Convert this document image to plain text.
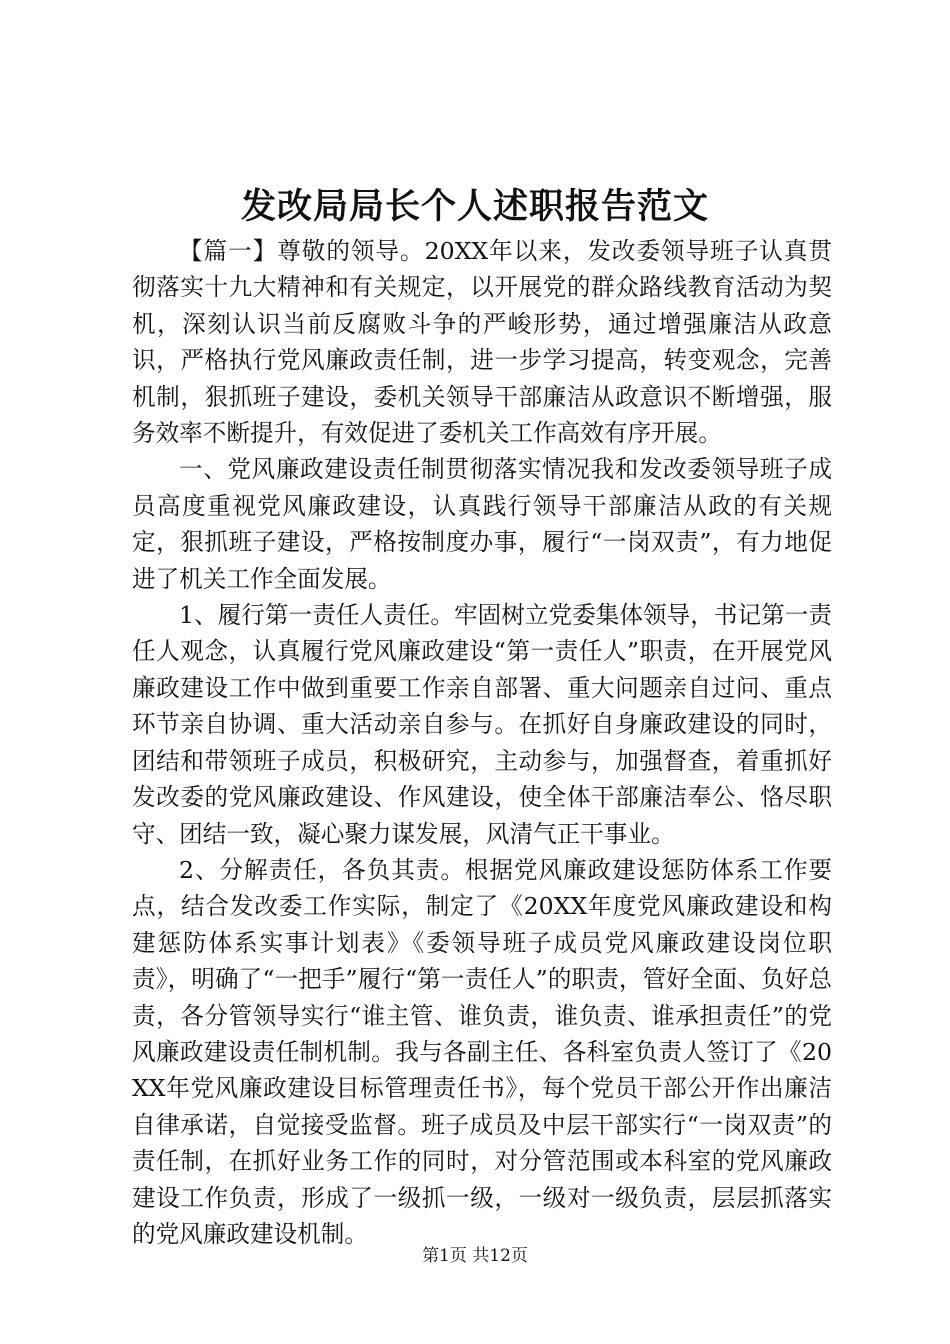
发改局局长个人述职报告范文

【篇一】尊敬的领导。20XX年以来，发改委领导班子认真贯彻落实十九大精神和有关规定，以开展党的群众路线教育活动为契机，深刻认识当前反腐败斗争的严峻形势，通过增强廉洁从政意识，严格执行党风廉政责任制，进一步学习提高，转变观念，完善机制，狠抓班子建设，委机关领导干部廉洁从政意识不断增强，服务效率不断提升，有效促进了委机关工作高效有序开展。

一、党风廉政建设责任制贯彻落实情况我和发改委领导班子成员高度重视党风廉政建设，认真践行领导干部廉洁从政的有关规定，狠抓班子建设，严格按制度办事，履行“一岗双责”，有力地促进了机关工作全面发展。

1、履行第一责任人责任。牢固树立党委集体领导，书记第一责任人观念，认真履行党风廉政建设“第一责任人”职责，在开展党风廉政建设工作中做到重要工作亲自部署、重大问题亲自过问、重点环节亲自协调、重大活动亲自参与。在抓好自身廉政建设的同时，团结和带领班子成员，积极研究，主动参与，加强督查，着重抓好发改委的党风廉政建设、作风建设，使全体干部廉洁奉公、恪尽职守、团结一致，凝心聚力谋发展，风清气正干事业。

2、分解责任，各负其责。根据党风廉政建设惩防体系工作要点，结合发改委工作实际，制定了《20XX年度党风廉政建设和构建惩防体系实事计划表》《委领导班子成员党风廉政建设岗位职责》，明确了“一把手”履行“第一责任人”的职责，管好全面、负好总责，各分管领导实行“谁主管、谁负责，谁负责、谁承担责任”的党风廉政建设责任制机制。我与各副主任、各科室负责人签订了《20XX年党风廉政建设目标管理责任书》，每个党员干部公开作出廉洁自律承诺，自觉接受监督。班子成员及中层干部实行“一岗双责”的责任制，在抓好业务工作的同时，对分管范围或本科室的党风廉政建设工作负责，形成了一级抓一级，一级对一级负责，层层抓落实的党风廉政建设机制。

第1页 共12页
